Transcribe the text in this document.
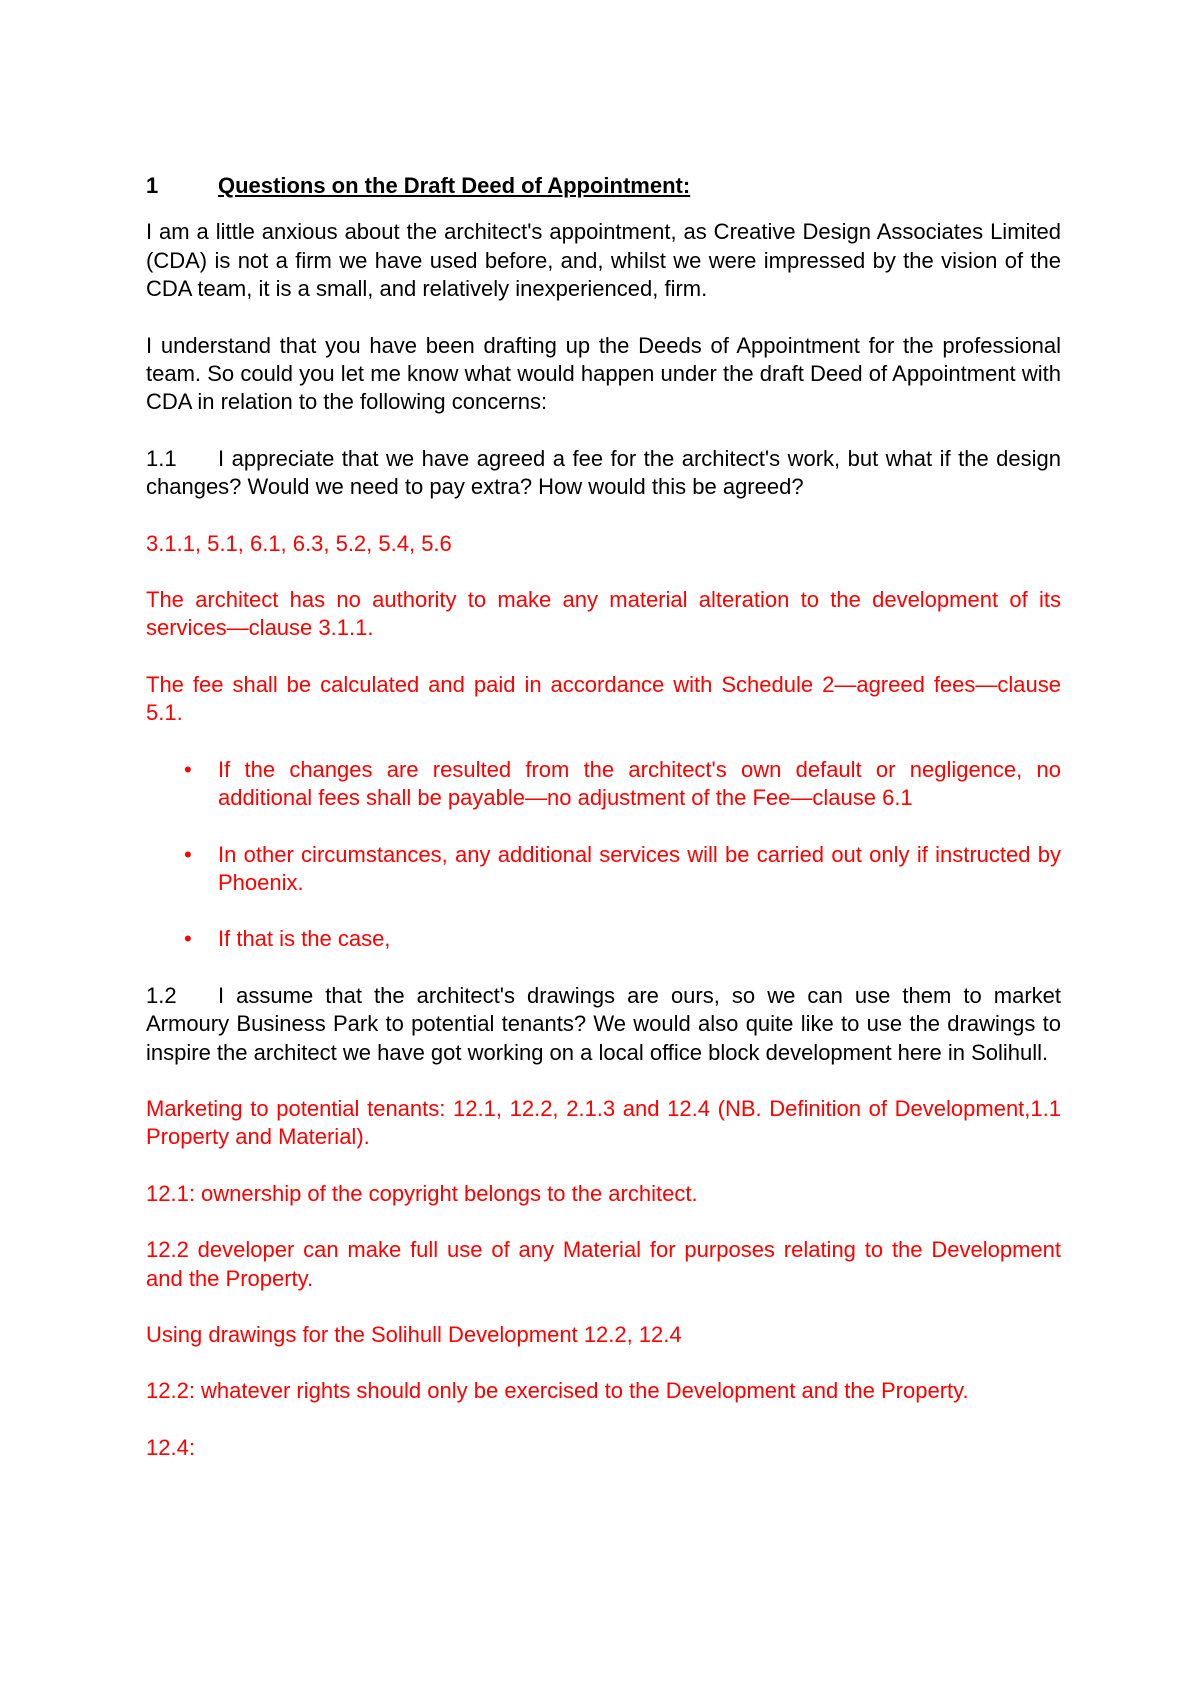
1	Questions on the Draft Deed of Appointment:

I am a little anxious about the architect's appointment, as Creative Design Associates Limited (CDA) is not a firm we have used before, and, whilst we were impressed by the vision of the CDA team, it is a small, and relatively inexperienced, firm.

I understand that you have been drafting up the Deeds of Appointment for the professional team. So could you let me know what would happen under the draft Deed of Appointment with CDA in relation to the following concerns:

1.1 I appreciate that we have agreed a fee for the architect's work, but what if the design changes? Would we need to pay extra? How would this be agreed?

3.1.1, 5.1, 6.1, 6.3, 5.2, 5.4, 5.6

The architect has no authority to make any material alteration to the development of its services—clause 3.1.1.

The fee shall be calculated and paid in accordance with Schedule 2—agreed fees—clause 5.1.

•	If the changes are resulted from the architect's own default or negligence, no additional fees shall be payable—no adjustment of the Fee—clause 6.1
•	In other circumstances, any additional services will be carried out only if instructed by Phoenix.
•	If that is the case,

1.2 I assume that the architect's drawings are ours, so we can use them to market Armoury Business Park to potential tenants? We would also quite like to use the drawings to inspire the architect we have got working on a local office block development here in Solihull.

Marketing to potential tenants: 12.1, 12.2, 2.1.3 and 12.4 (NB. Definition of Development,1.1 Property and Material).

12.1: ownership of the copyright belongs to the architect.

12.2 developer can make full use of any Material for purposes relating to the Development and the Property.

Using drawings for the Solihull Development 12.2, 12.4

12.2: whatever rights should only be exercised to the Development and the Property.

12.4:
